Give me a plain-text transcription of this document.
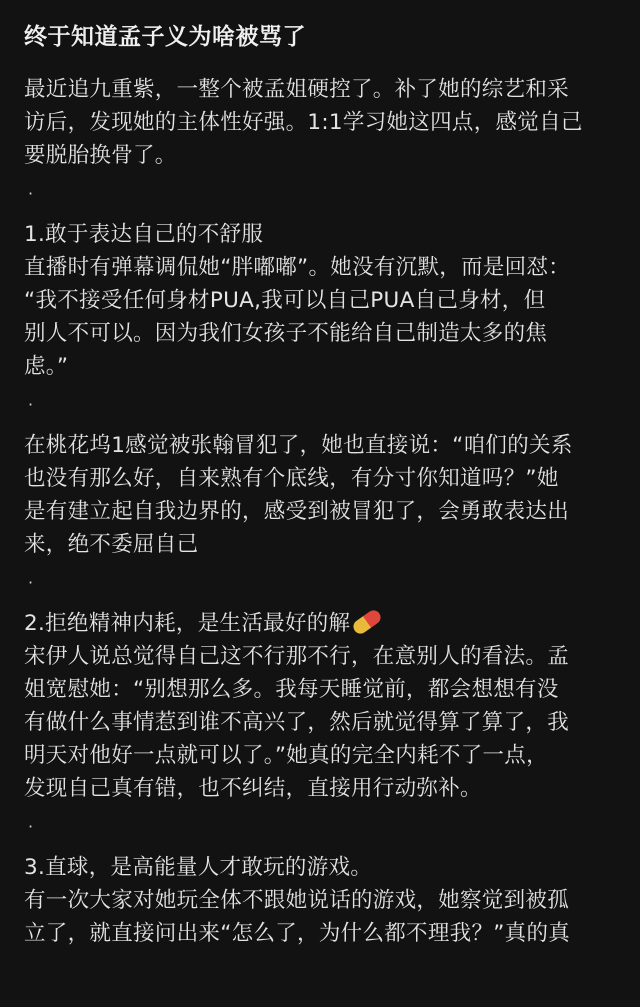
终于知道孟子义为啥被骂了
最近追九重紫，一整个被孟姐硬控了。补了她的综艺和采
访后，发现她的主体性好强。1:1学习她这四点，感觉自己
要脱胎换骨了。
·
1.敢于表达自己的不舒服
直播时有弹幕调侃她“胖嘟嘟”。她没有沉默，而是回怼：
“我不接受任何身材PUA,我可以自己PUA自己身材，但
别人不可以。因为我们女孩子不能给自己制造太多的焦
虑。”
·
在桃花坞1感觉被张翰冒犯了，她也直接说：“咱们的关系
也没有那么好，自来熟有个底线，有分寸你知道吗？”她
是有建立起自我边界的，感受到被冒犯了，会勇敢表达出
来，绝不委屈自己
·
2.拒绝精神内耗，是生活最好的解
宋伊人说总觉得自己这不行那不行，在意别人的看法。孟
姐宽慰她：“别想那么多。我每天睡觉前，都会想想有没
有做什么事情惹到谁不高兴了，然后就觉得算了算了，我
明天对他好一点就可以了。”她真的完全内耗不了一点，
发现自己真有错，也不纠结，直接用行动弥补。
·
3.直球，是高能量人才敢玩的游戏。
有一次大家对她玩全体不跟她说话的游戏，她察觉到被孤
立了，就直接问出来“怎么了，为什么都不理我？”真的真
